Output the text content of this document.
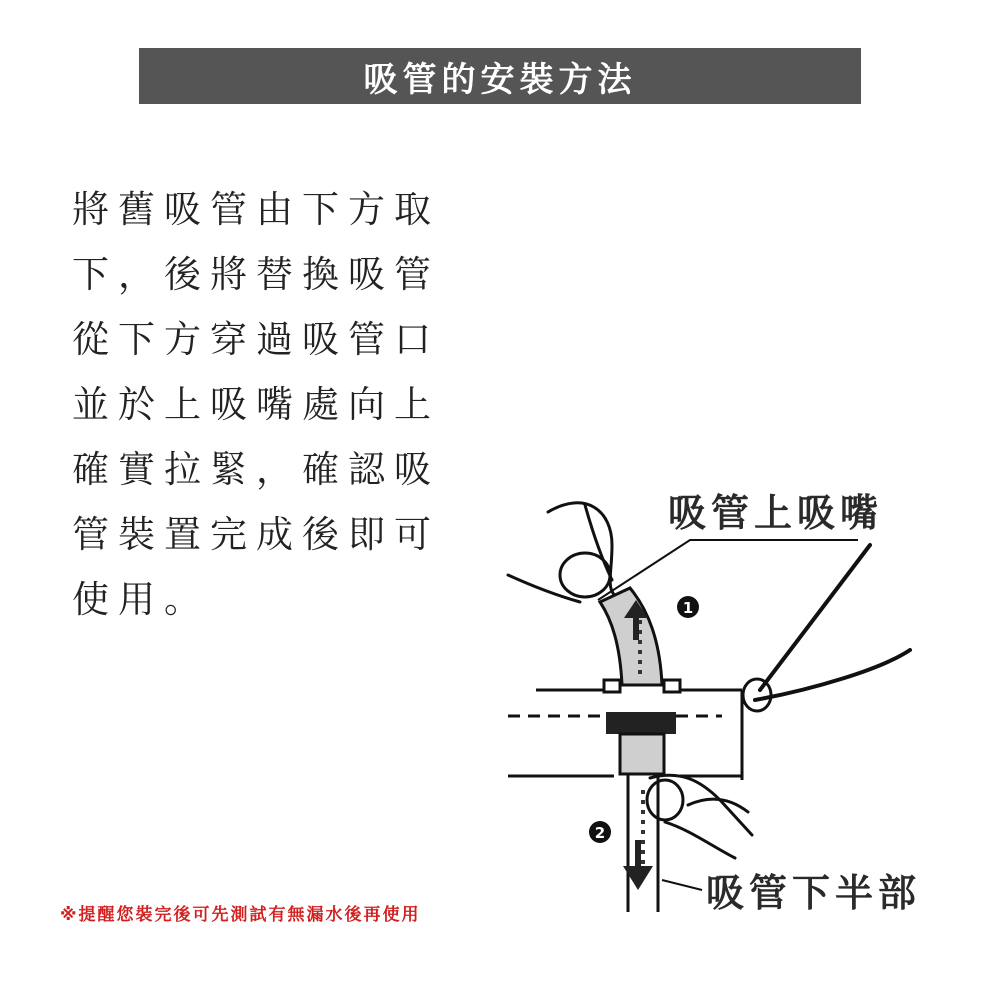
吸管的安裝方法
將舊吸管由下方取
下，後將替換吸管
從下方穿過吸管口
並於上吸嘴處向上
確實拉緊，確認吸
管裝置完成後即可
使用。	1
2
吸管上吸嘴
吸管下半部
※提醒您裝完後可先測試有無漏水後再使用
